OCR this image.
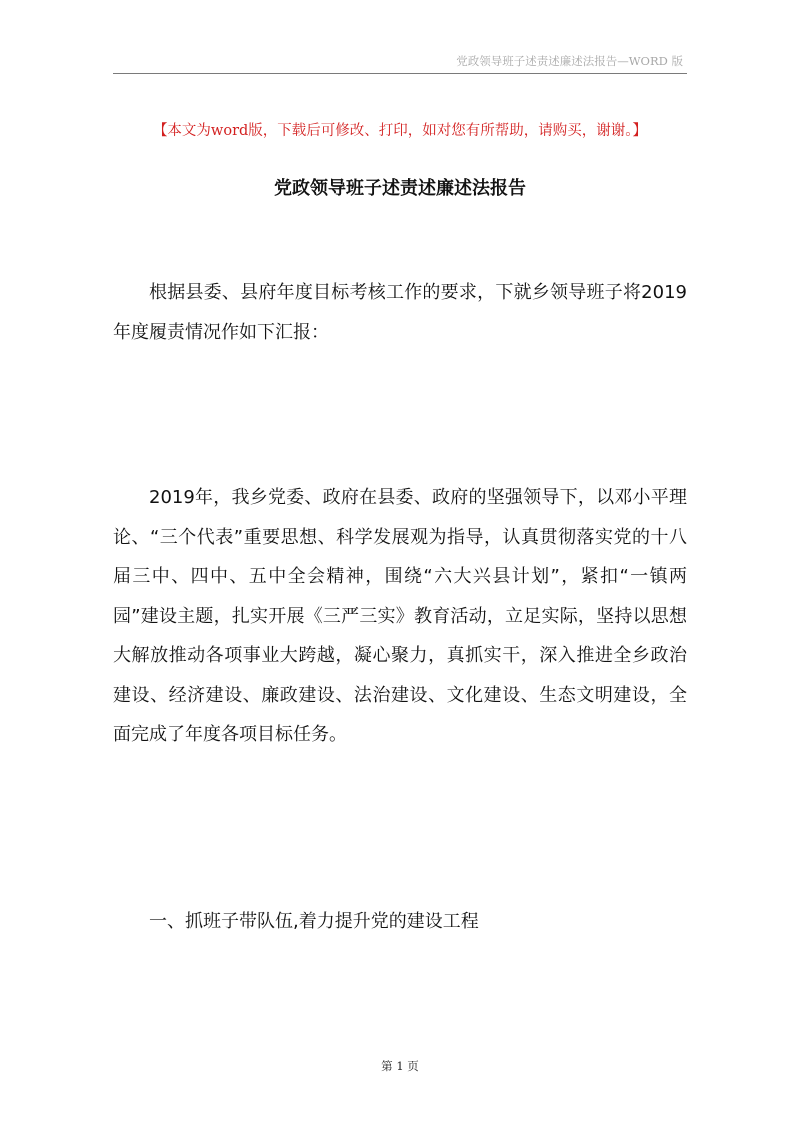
党政领导班子述责述廉述法报告—WORD 版
【本文为word版，下载后可修改、打印，如对您有所帮助，请购买，谢谢。】
党政领导班子述责述廉述法报告

根据县委、县府年度目标考核工作的要求，下就乡领导班子将2019年度履责情况作如下汇报：

2019年，我乡党委、政府在县委、政府的坚强领导下，以邓小平理论、“三个代表”重要思想、科学发展观为指导，认真贯彻落实党的十八届三中、四中、五中全会精神，围绕“六大兴县计划”，紧扣“一镇两园”建设主题，扎实开展《三严三实》教育活动，立足实际，坚持以思想大解放推动各项事业大跨越，凝心聚力，真抓实干，深入推进全乡政治建设、经济建设、廉政建设、法治建设、文化建设、生态文明建设，全面完成了年度各项目标任务。

一、抓班子带队伍,着力提升党的建设工程
第 1 页
